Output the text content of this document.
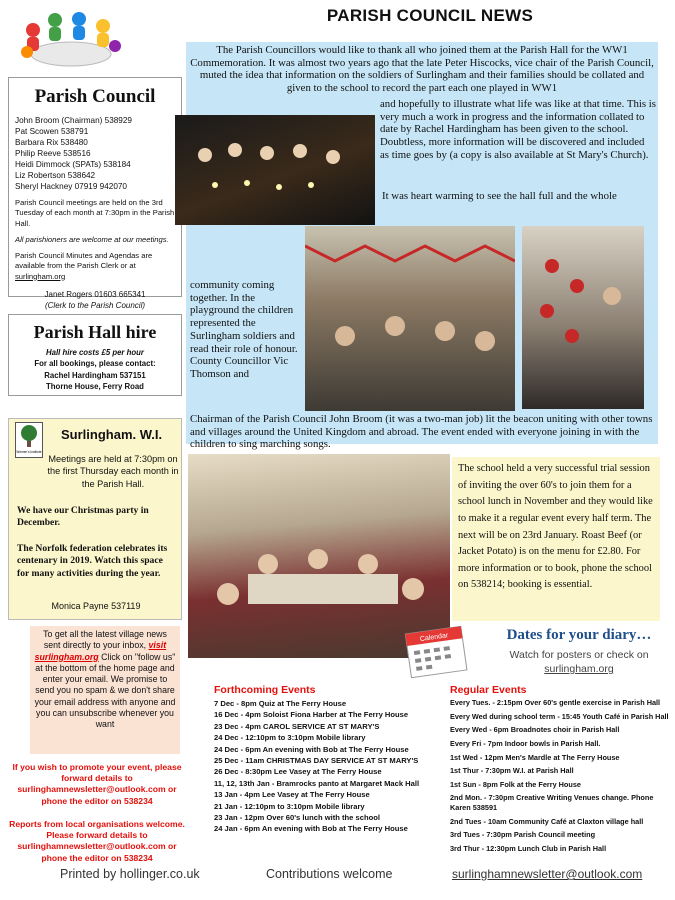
PARISH COUNCIL NEWS
Parish Council
John Broom (Chairman) 538929
Pat Scowen 538791
Barbara Rix 538480
Philip Reeve 538516
Heidi Dimmock (SPATs) 538184
Liz Robertson 538642
Sheryl Hackney 07919 942070

Parish Council meetings are held on the 3rd Tuesday of each month at 7:30pm in the Parish Hall.

All parishioners are welcome at our meetings.

Parish Council Minutes and Agendas are available from the Parish Clerk or at surlingham.org

Janet Rogers 01603 665341
(Clerk to the Parish Council)
Parish Hall hire
Hall hire costs £5 per hour
For all bookings, please contact:
Rachel Hardingham 537151
Thorne House, Ferry Road
Women's Institute
Surlingham. W.I.
Meetings are held at 7:30pm on the first Thursday each month in the Parish Hall.
We have our Christmas party in December.
The Norfolk federation celebrates its centenary in 2019. Watch this space for many activities during the year.
Monica Payne 537119
To get all the latest village news sent directly to your inbox, visit surlingham.org Click on "follow us" at the bottom of the home page and enter your email. We promise to send you no spam & we don't share your email address with anyone and you can unsubscribe whenever you want
If you wish to promote your event, please forward details to surlinghamnewsletter@outlook.com or phone the editor on 538234
Reports from local organisations welcome. Please forward details to surlinghamnewsletter@outlook.com or phone the editor on 538234
The Parish Councillors would like to thank all who joined them at the Parish Hall for the WW1 Commemoration. It was almost two years ago that the late Peter Hiscocks, vice chair of the Parish Council, muted the idea that information on the soldiers of Surlingham and their families should be collated and given to the school to record the part each one played in WW1
and hopefully to illustrate what life was like at that time. This is very much a work in progress and the information collated to date by Rachel Hardingham has been given to the school. Doubtless, more information will be discovered and included as time goes by (a copy is also available at St Mary's Church).
It was heart warming to see the hall full and the whole
community coming together. In the playground the children represented the Surlingham soldiers and read their role of honour. County Councillor Vic Thomson and
Chairman of the Parish Council John Broom (it was a two-man job) lit the beacon uniting with other towns and villages around the United Kingdom and abroad. The event ended with everyone joining in with the children to sing marching songs.
The school held a very successful trial session of inviting the over 60's to join them for a school lunch in November and they would like to make it a regular event every half term. The next will be on 23rd January. Roast Beef (or Jacket Potato) is on the menu for £2.80. For more information or to book, phone the school on 538214; booking is essential.
Calendar	Dates for your diary…
Watch for posters or check on
surlingham.org
Forthcoming Events
7 Dec - 8pm Quiz at The Ferry House
16 Dec - 4pm Soloist Fiona Harber at The Ferry House
23 Dec - 4pm CAROL SERVICE AT ST MARY'S
24 Dec - 12:10pm to 3:10pm Mobile library
24 Dec - 6pm An evening with Bob at The Ferry House
25 Dec - 11am CHRISTMAS DAY SERVICE AT ST MARY'S
26 Dec - 8:30pm Lee Vasey at The Ferry House
11, 12, 13th Jan - Bramrocks panto at Margaret Mack Hall
13 Jan - 4pm Lee Vasey at The Ferry House
21 Jan - 12:10pm to 3:10pm Mobile library
23 Jan - 12pm Over 60's lunch with the school
24 Jan - 6pm An evening with Bob at The Ferry House
Regular Events
Every Tues. - 2:15pm Over 60's gentle exercise in Parish Hall
Every Wed during school term - 15:45 Youth Café in Parish Hall
Every Wed - 6pm Broadnotes choir in Parish Hall
Every Fri - 7pm Indoor bowls in Parish Hall.
1st Wed - 12pm Men's Mardle at The Ferry House
1st Thur - 7:30pm W.I. at Parish Hall
1st Sun - 8pm Folk at the Ferry House
2nd Mon. - 7:30pm Creative Writing Venues change. Phone Karen 538591
2nd Tues - 10am Community Café at Claxton village hall
3rd Tues - 7:30pm Parish Council meeting
3rd Thur - 12:30pm Lunch Club in Parish Hall
Printed by hollinger.co.uk	Contributions welcome	surlinghamnewsletter@outlook.com
